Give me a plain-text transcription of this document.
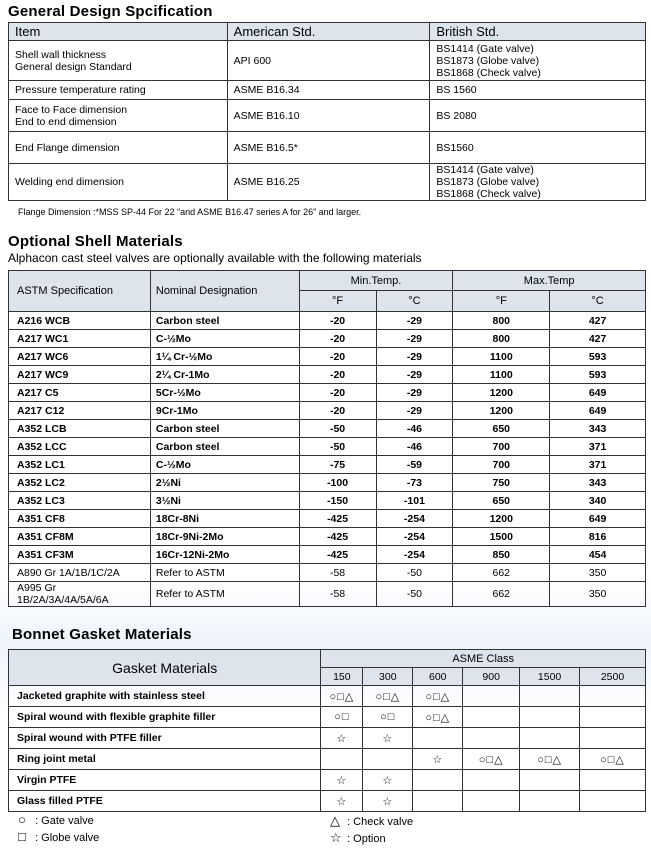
General Design Spcification
Item	American Std.	British Std.
Shell wall thickness
General design Standard	API 600	BS1414 (Gate valve)
BS1873 (Globe valve)
BS1868 (Check valve)
Pressure temperature rating	ASME B16.34	BS 1560
Face to Face dimension
End to end dimension	ASME B16.10	BS 2080
End Flange dimension	ASME B16.5*	BS1560
Welding end dimension	ASME B16.25	BS1414 (Gate valve)
BS1873 (Globe valve)
BS1868 (Check valve)
Flange Dimension :*MSS SP-44 For 22 “and ASME B16.47 series A for 26” and larger.
Optional Shell Materials
Alphacon cast steel valves are optionally available with the following materials
ASTM Specification	Nominal Designation	Min.Temp.		Max.Temp	
		°F	°C	°F	°C
A216 WCB	Carbon steel	-20	-29	800	427
A217 WC1	C-½Mo	-20	-29	800	427
A217 WC6	1¼ Cr-½Mo	-20	-29	1100	593
A217 WC9	2¼ Cr-1Mo	-20	-29	1100	593
A217 C5	5Cr-½Mo	-20	-29	1200	649
A217 C12	9Cr-1Mo	-20	-29	1200	649
A352 LCB	Carbon steel	-50	-46	650	343
A352 LCC	Carbon steel	-50	-46	700	371
A352 LC1	C-½Mo	-75	-59	700	371
A352 LC2	2½Ni	-100	-73	750	343
A352 LC3	3½Ni	-150	-101	650	340
A351 CF8	18Cr-8Ni	-425	-254	1200	649
A351 CF8M	18Cr-9Ni-2Mo	-425	-254	1500	816
A351 CF3M	16Cr-12Ni-2Mo	-425	-254	850	454
A890 Gr 1A/1B/1C/2A	Refer to ASTM	-58	-50	662	350
A995 Gr 1B/2A/3A/4A/5A/6A	Refer to ASTM	-58	-50	662	350
Bonnet Gasket Materials
Gasket Materials	ASME Class					
	150	300	600	900	1500	2500
Jacketed graphite with stainless steel	○□△	○□△	○□△			
Spiral wound with flexible graphite filler	○□	○□	○□△			
Spiral wound with PTFE filler	☆	☆				
Ring joint metal			☆	○□△	○□△	○□△
Virgin PTFE	☆	☆				
Glass filled PTFE	☆	☆				
○ : Gate valve
□ : Globe valve
△ : Check valve
☆ : Option
